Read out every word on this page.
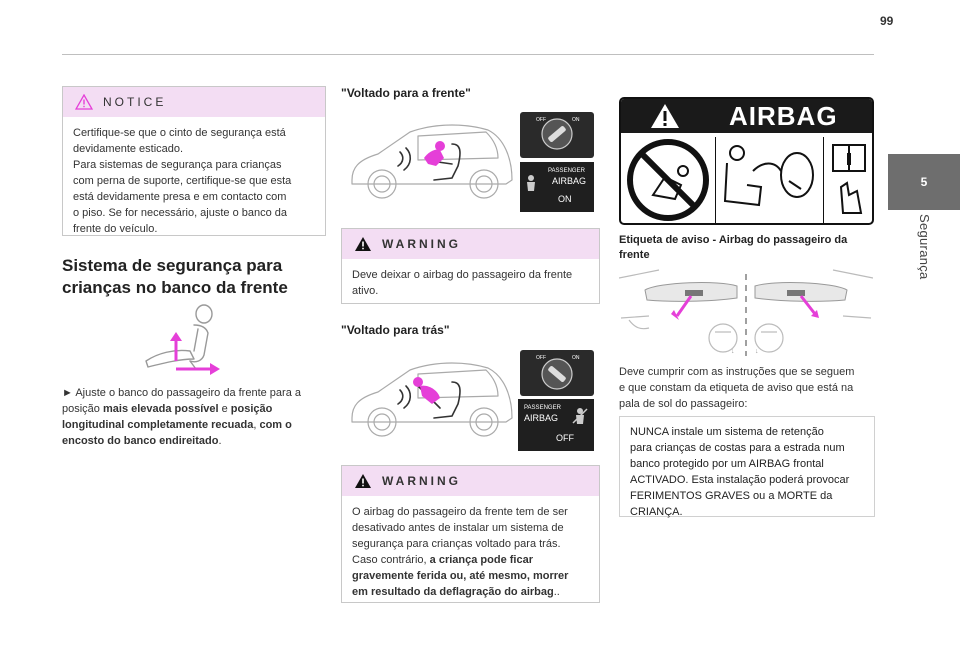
99
5
Segurança
NOTICE
Certifique-se que o cinto de segurança está
devidamente esticado.
Para sistemas de segurança para crianças
com perna de suporte, certifique-se que esta
está devidamente presa e em contacto com
o piso. Se for necessário, ajuste o banco da
frente do veículo.
Sistema de segurança para
crianças no banco da frente
► Ajuste o banco do passageiro da frente para a posição mais elevada possível e posição longitudinal completamente recuada, com o encosto do banco endireitado.
"Voltado para a frente"
OFF	ON
PASSENGER
AIRBAG
ON
WARNING
Deve deixar o airbag do passageiro da frente
ativo.
"Voltado para trás"
OFF	ON
PASSENGER
AIRBAG
OFF
WARNING
O airbag do passageiro da frente tem de ser
desativado antes de instalar um sistema de
segurança para crianças voltado para trás.
Caso contrário, a criança pode ficar
gravemente ferida ou, até mesmo, morrer
em resultado da deflagração do airbag..
AIRBAG
Etiqueta de aviso - Airbag do passageiro da
frente
↓	↓
Deve cumprir com as instruções que se seguem
e que constam da etiqueta de aviso que está na
pala de sol do passageiro:
NUNCA instale um sistema de retenção
para crianças de costas para a estrada num
banco protegido por um AIRBAG frontal
ACTIVADO. Esta instalação poderá provocar
FERIMENTOS GRAVES ou a MORTE da
CRIANÇA.
